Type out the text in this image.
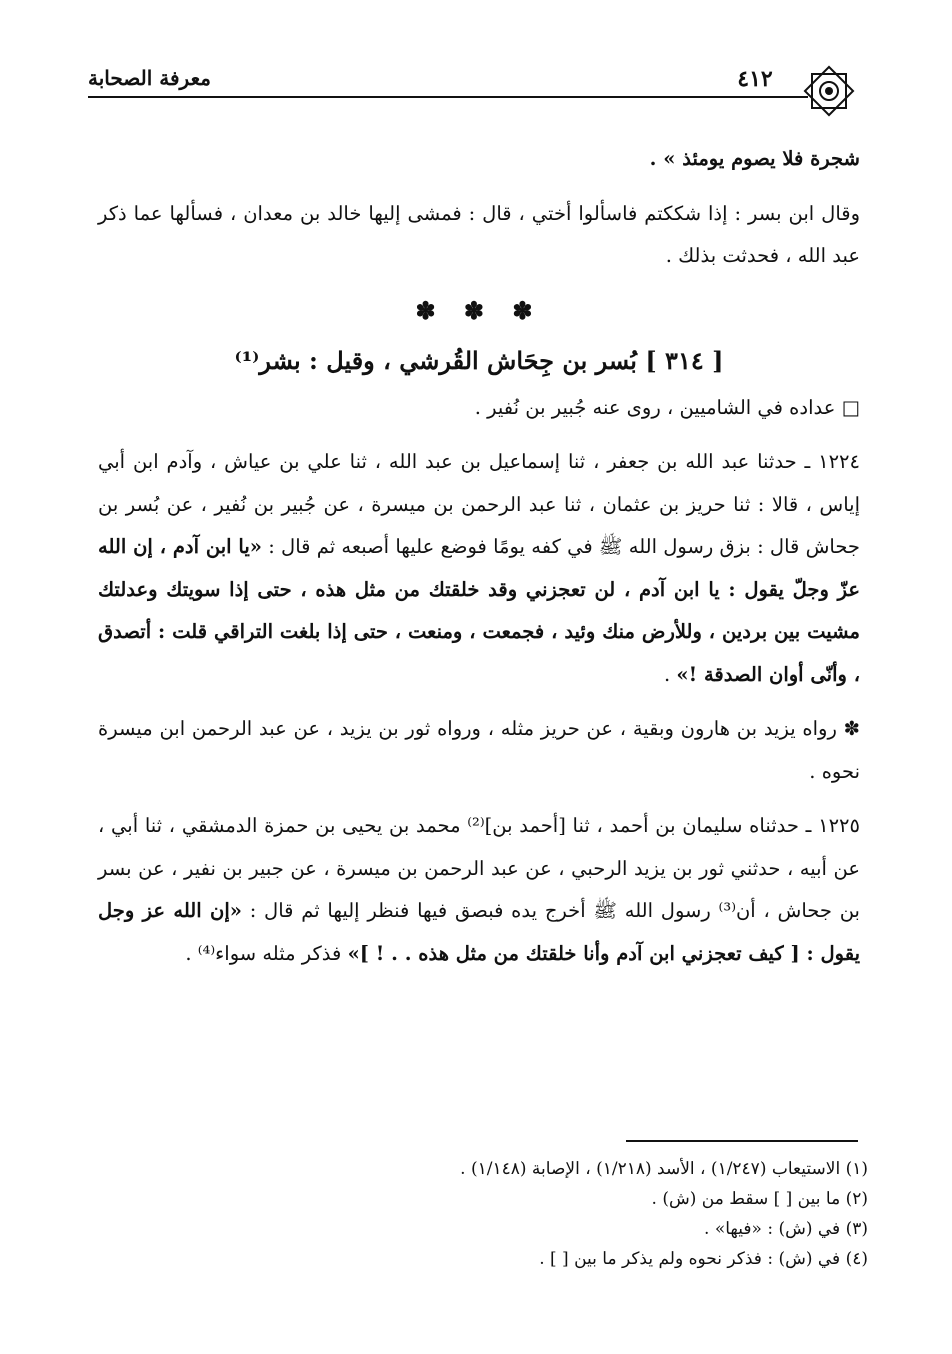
معرفة الصحابة	٤١٢

شجرة فلا يصوم يومئذ » .

وقال ابن بسر : إذا شككتم فاسألوا أختي ، قال : فمشى إليها خالد بن معدان ، فسألها عما ذكر عبد الله ، فحدثت بذلك .

✽ ✽ ✽
[ ٣١٤ ] بُسر بن جِحَاش القُرشي ، وقيل : بشر⁽¹⁾

□ عداده في الشاميين ، روى عنه جُبير بن نُفير .

١٢٢٤ ـ حدثنا عبد الله بن جعفر ، ثنا إسماعيل بن عبد الله ، ثنا علي بن عياش ، وآدم ابن أبي إياس ، قالا : ثنا حريز بن عثمان ، ثنا عبد الرحمن بن ميسرة ، عن جُبير بن نُفير ، عن بُسر بن جحاش قال : بزق رسول الله ﷺ في كفه يومًا فوضع عليها أصبعه ثم قال : «يا ابن آدم ، إن الله عزّ وجلّ يقول : يا ابن آدم ، لن تعجزني وقد خلقتك من مثل هذه ، حتى إذا سويتك وعدلتك مشيت بين بردين ، وللأرض منك وئيد ، فجمعت ، ومنعت ، حتى إذا بلغت التراقي قلت : أتصدق ، وأنّى أوان الصدقة !» .

✽ رواه يزيد بن هارون وبقية ، عن حريز مثله ، ورواه ثور بن يزيد ، عن عبد الرحمن ابن ميسرة نحوه .

١٢٢٥ ـ حدثناه سليمان بن أحمد ، ثنا [أحمد بن]⁽²⁾ محمد بن يحيى بن حمزة الدمشقي ، ثنا أبي ، عن أبيه ، حدثني ثور بن يزيد الرحبي ، عن عبد الرحمن بن ميسرة ، عن جبير بن نفير ، عن بسر بن جحاش ، أن⁽³⁾ رسول الله ﷺ أخرج يده فبصق فيها فنظر إليها ثم قال : «إن الله عز وجل يقول : [ كيف تعجزني ابن آدم وأنا خلقتك من مثل هذه . . ! ]» فذكر مثله سواء⁽⁴⁾ .

(١) الاستيعاب (١/٢٤٧) ، الأسد (١/٢١٨) ، الإصابة (١/١٤٨) .
(٢) ما بين [ ] سقط من (ش) .
(٣) في (ش) : «فيها» .
(٤) في (ش) : فذكر نحوه ولم يذكر ما بين [ ] .
